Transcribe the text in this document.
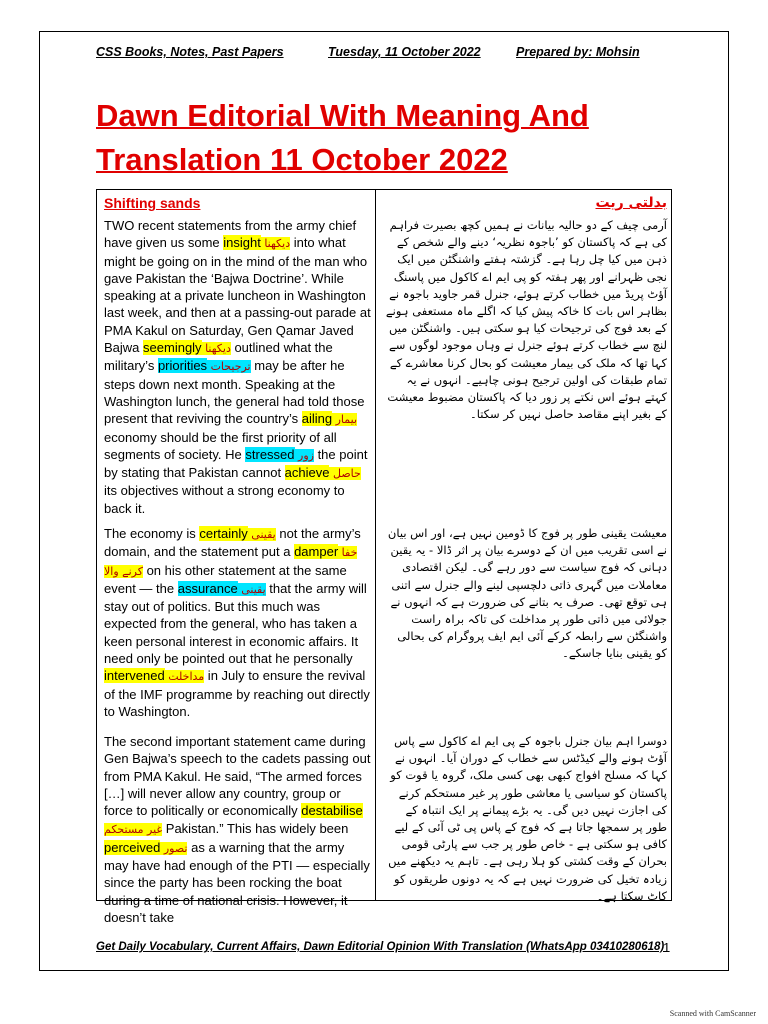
CSS Books, Notes, Past Papers	Tuesday, 11 October 2022	Prepared by: Mohsin
Dawn Editorial With Meaning And Translation 11 October 2022
Shifting sands

TWO recent statements from the army chief have given us some insight دیکھنا into what might be going on in the mind of the man who gave Pakistan the ‘Bajwa Doctrine’. While speaking at a private luncheon in Washington last week, and then at a passing-out parade at PMA Kakul on Saturday, Gen Qamar Javed Bajwa seemingly دیکھنا outlined what the military’s priorities ترجیحات may be after he steps down next month. Speaking at the Washington lunch, the general had told those present that reviving the country’s ailing بیمار economy should be the first priority of all segments of society. He stressed زور the point by stating that Pakistan cannot achieve حاصل its objectives without a strong economy to back it.

The economy is certainly یقینی not the army’s domain, and the statement put a damper خفا کرنے والا on his other statement at the same event — the assurance یقینی that the army will stay out of politics. But this much was expected from the general, who has taken a keen personal interest in economic affairs. It need only be pointed out that he personally intervened مداخلت in July to ensure the revival of the IMF programme by reaching out directly to Washington.

The second important statement came during Gen Bajwa’s speech to the cadets passing out from PMA Kakul. He said, “The armed forces […] will never allow any country, group or force to politically or economically destabilise غیر مستحکم Pakistan.” This has widely been perceived تصور as a warning that the army may have had enough of the PTI — especially since the party has been rocking the boat during a time of national crisis. However, it doesn’t take

بدلتی ریت

آرمی چیف کے دو حالیہ بیانات نے ہمیں کچھ بصیرت فراہم کی ہے کہ پاکستان کو ’باجوہ نظریہ‘ دینے والے شخص کے ذہن میں کیا چل رہا ہے۔ گزشتہ ہفتے واشنگٹن میں ایک نجی ظہرانے اور پھر ہفتہ کو پی ایم اے کاکول میں پاسنگ آؤٹ پریڈ میں خطاب کرتے ہوئے، جنرل قمر جاوید باجوہ نے بظاہر اس بات کا خاکہ پیش کیا کہ اگلے ماہ مستعفی ہونے کے بعد فوج کی ترجیحات کیا ہو سکتی ہیں۔ واشنگٹن میں لنچ سے خطاب کرتے ہوئے جنرل نے وہاں موجود لوگوں سے کہا تھا کہ ملک کی بیمار معیشت کو بحال کرنا معاشرے کے تمام طبقات کی اولین ترجیح ہونی چاہیے۔ انہوں نے یہ کہتے ہوئے اس نکتے پر زور دیا کہ پاکستان مضبوط معیشت کے بغیر اپنے مقاصد حاصل نہیں کر سکتا۔

معیشت یقینی طور پر فوج کا ڈومین نہیں ہے، اور اس بیان نے اسی تقریب میں ان کے دوسرے بیان پر اثر ڈالا - یہ یقین دہانی کہ فوج سیاست سے دور رہے گی۔ لیکن اقتصادی معاملات میں گہری ذاتی دلچسپی لینے والے جنرل سے اتنی ہی توقع تھی۔ صرف یہ بتانے کی ضرورت ہے کہ انہوں نے جولائی میں ذاتی طور پر مداخلت کی تاکہ براہ راست واشنگٹن سے رابطہ کرکے آئی ایم ایف پروگرام کی بحالی کو یقینی بنایا جاسکے۔

دوسرا اہم بیان جنرل باجوہ کے پی ایم اے کاکول سے پاس آؤٹ ہونے والے کیڈٹس سے خطاب کے دوران آیا۔ انہوں نے کہا کہ مسلح افواج کبھی بھی کسی ملک، گروہ یا قوت کو پاکستان کو سیاسی یا معاشی طور پر غیر مستحکم کرنے کی اجازت نہیں دیں گی۔ یہ بڑے پیمانے پر ایک انتباہ کے طور پر سمجھا جاتا ہے کہ فوج کے پاس پی ٹی آئی کے لیے کافی ہو سکتی ہے - خاص طور پر جب سے پارٹی قومی بحران کے وقت کشتی کو ہلا رہی ہے۔ تاہم یہ دیکھنے میں زیادہ تخیل کی ضرورت نہیں ہے کہ یہ دونوں طریقوں کو کاٹ سکتا ہے۔

Get Daily Vocabulary, Current Affairs, Dawn Editorial Opinion With Translation (WhatsApp 03410280618)
1
Scanned with CamScanner
